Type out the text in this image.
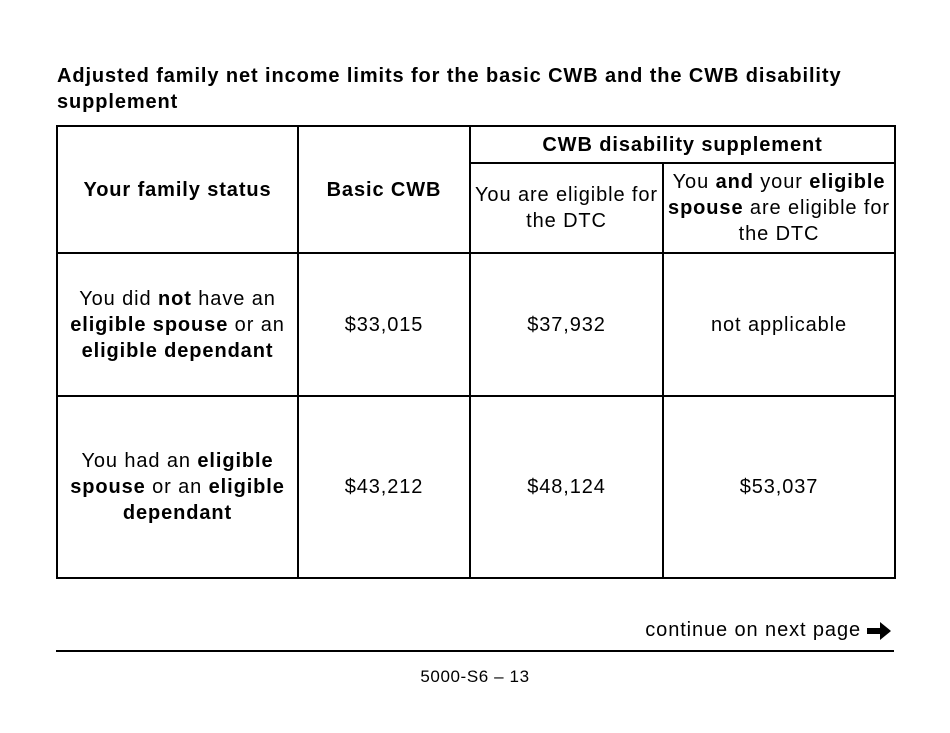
Adjusted family net income limits for the basic CWB and the CWB disability supplement
Your family status	Basic CWB	CWB disability supplement	
		You are eligible for the DTC	You and your eligible spouse are eligible for the DTC
You did not have an eligible spouse or an eligible dependant	$33,015	$37,932	not applicable
You had an eligible spouse or an eligible dependant	$43,212	$48,124	$53,037
continue on next page
5000-S6 – 13
